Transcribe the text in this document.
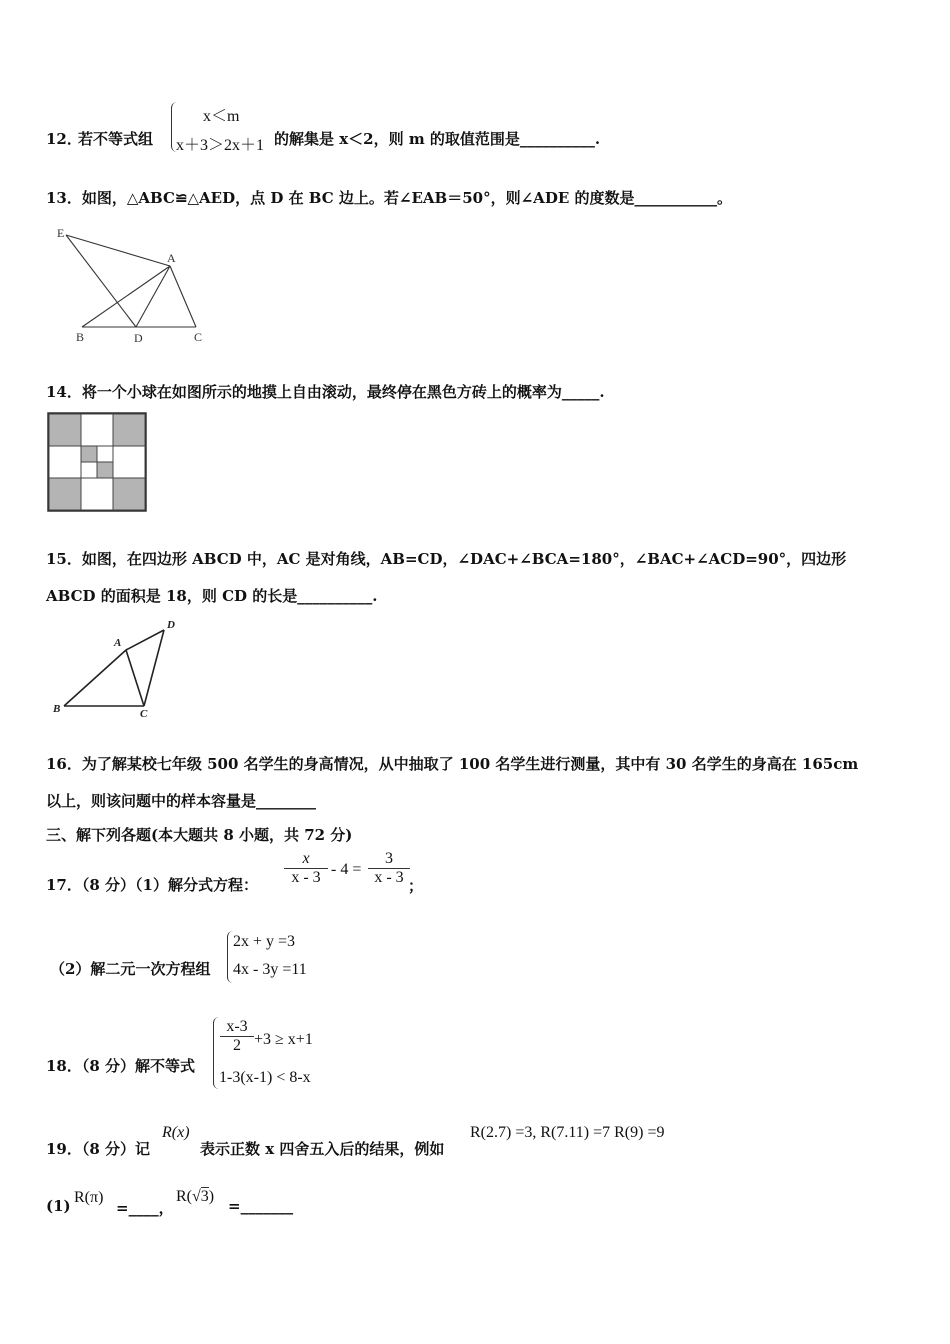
12．
若不等式组
x＜m
x＋3＞2x＋1 的解集是 x＜2，则 m 的取值范围是__________.
13．如图，△ABC≌△AED，点 D 在 BC 边上。若∠EAB＝50°，则∠ADE 的度数是___________。
E
A
B	D	C
14．将一个小球在如图所示的地摸上自由滚动，最终停在黑色方砖上的概率为_____.
15．如图，在四边形 ABCD 中，AC 是对角线，AB=CD，∠DAC+∠BCA=180°，∠BAC+∠ACD=90°，四边形
ABCD 的面积是 18，则 CD 的长是__________.
A
B	C
D
16．为了解某校七年级 500 名学生的身高情况，从中抽取了 100 名学生进行测量，其中有 30 名学生的身高在 165cm
以上，则该问题中的样本容量是________
三、解下列各题(本大题共 8 小题，共 72 分)
17．（8 分）（1）解分式方程： $\frac{x}{x - 3} - 4 = \frac{3}{x - 3}$
；
（2）解二元一次方程组
2x + y =3
4x - 3y =11
18．（8 分）解不等式
$\frac{x-3}{2} +3 \ge x+1$
1-3(x-1) < 8-x
19．（8 分）记
R(x)
表示正数 x 四舍五入后的结果，例如
R(2.7) =3, R(7.11) =7 R(9) =9
(1) R(π)
=____，
R(√3)
=_______
